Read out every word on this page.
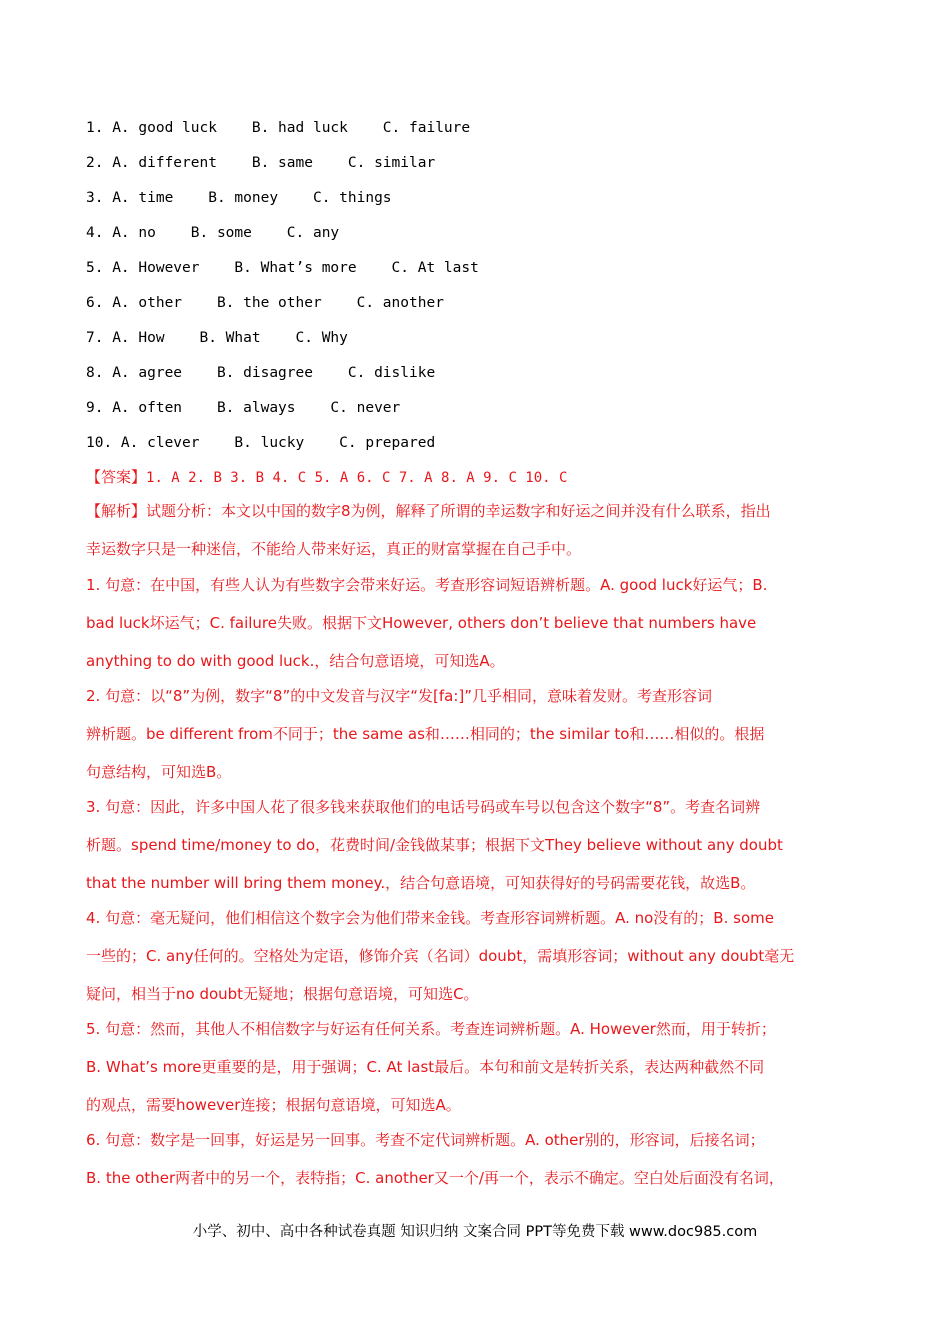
1. A. good luck    B. had luck    C. failure
2. A. different    B. same    C. similar
3. A. time    B. money    C. things
4. A. no    B. some    C. any
5. A. However    B. What’s more    C. At last
6. A. other    B. the other    C. another
7. A. How    B. What    C. Why
8. A. agree    B. disagree    C. dislike
9. A. often    B. always    C. never
10. A. clever    B. lucky    C. prepared
【答案】1. A 2. B 3. B 4. C 5. A 6. C 7. A 8. A 9. C 10. C
【解析】试题分析：本文以中国的数字8为例，解释了所谓的幸运数字和好运之间并没有什么联系，指出
幸运数字只是一种迷信，不能给人带来好运，真正的财富掌握在自己手中。
1. 句意：在中国，有些人认为有些数字会带来好运。考查形容词短语辨析题。A. good luck好运气；B.
bad luck坏运气；C. failure失败。根据下文However, others don’t believe that numbers have
anything to do with good luck.，结合句意语境，可知选A。
2. 句意：以“8”为例，数字“8”的中文发音与汉字“发[fa:]”几乎相同，意味着发财。考查形容词
辨析题。be different from不同于；the same as和……相同的；the similar to和……相似的。根据
句意结构，可知选B。
3. 句意：因此，许多中国人花了很多钱来获取他们的电话号码或车号以包含这个数字“8”。考查名词辨
析题。spend time/money to do，花费时间/金钱做某事；根据下文They believe without any doubt
that the number will bring them money.，结合句意语境，可知获得好的号码需要花钱，故选B。
4. 句意：毫无疑问，他们相信这个数字会为他们带来金钱。考查形容词辨析题。A. no没有的；B. some
一些的；C. any任何的。空格处为定语，修饰介宾（名词）doubt，需填形容词；without any doubt毫无
疑问，相当于no doubt无疑地；根据句意语境，可知选C。
5. 句意：然而，其他人不相信数字与好运有任何关系。考查连词辨析题。A. However然而，用于转折；
B. What’s more更重要的是，用于强调；C. At last最后。本句和前文是转折关系，表达两种截然不同
的观点，需要however连接；根据句意语境，可知选A。
6. 句意：数字是一回事，好运是另一回事。考查不定代词辨析题。A. other别的，形容词，后接名词；
B. the other两者中的另一个，表特指；C. another又一个/再一个，表示不确定。空白处后面没有名词，
小学、初中、高中各种试卷真题 知识归纳 文案合同 PPT等免费下载 www.doc985.com
